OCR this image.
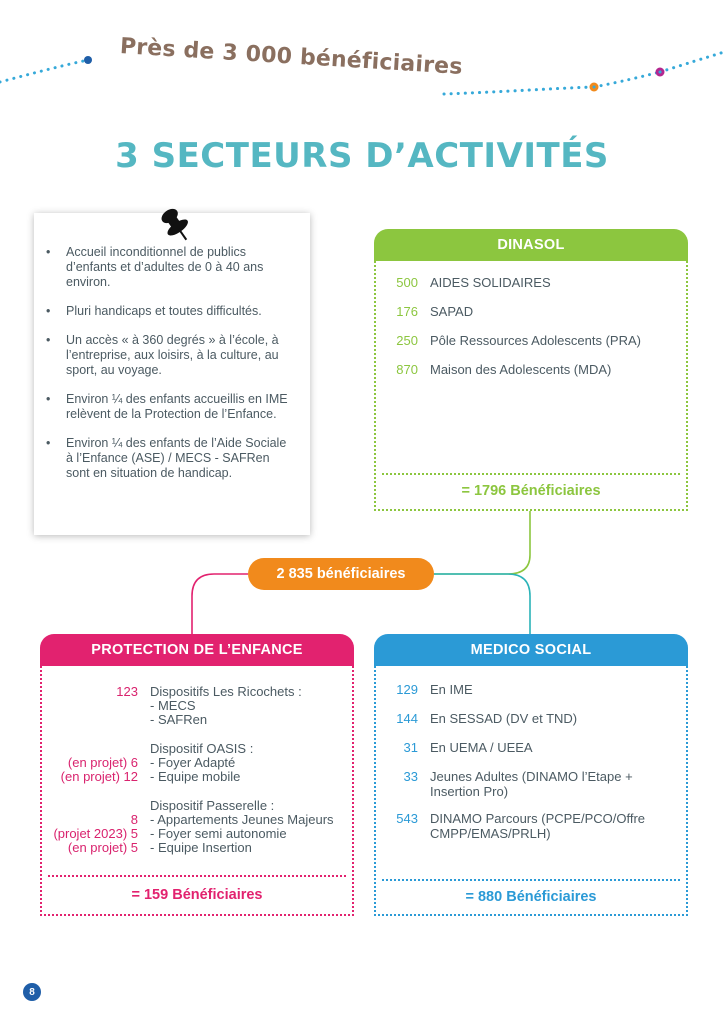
Près de 3 000 bénéficiaires
3 SECTEURS D’ACTIVITÉS
• Accueil inconditionnel de publics d’enfants et d’adultes de 0 à 40 ans environ.
• Pluri handicaps et toutes difficultés.
• Un accès « à 360 degrés » à l’école, à l’entreprise, aux loisirs, à la culture, au sport, au voyage.
• Environ ¼ des enfants accueillis en IME relèvent de la Protection de l’Enfance.
• Environ ¼ des enfants de l’Aide Sociale à l’Enfance (ASE) / MECS - SAFRen sont en situation de handicap.
DINASOL
500 AIDES SOLIDAIRES
176 SAPAD
250 Pôle Ressources Adolescents (PRA)
870 Maison des Adolescents (MDA)
= 1796 Bénéficiaires
2 835 bénéficiaires
PROTECTION DE L’ENFANCE
123 Dispositifs Les Ricochets :
- MECS
- SAFRen
Dispositif OASIS :
(en projet) 6 - Foyer Adapté
(en projet) 12 - Equipe mobile
Dispositif Passerelle :
8 - Appartements Jeunes Majeurs
(projet 2023) 5 - Foyer semi autonomie
(en projet) 5 - Equipe Insertion
= 159 Bénéficiaires
MEDICO SOCIAL
129 En IME
144 En SESSAD (DV et TND)
31 En UEMA / UEEA
33 Jeunes Adultes (DINAMO l’Etape + Insertion Pro)
543 DINAMO Parcours (PCPE/PCO/Offre CMPP/EMAS/PRLH)
= 880 Bénéficiaires
8
